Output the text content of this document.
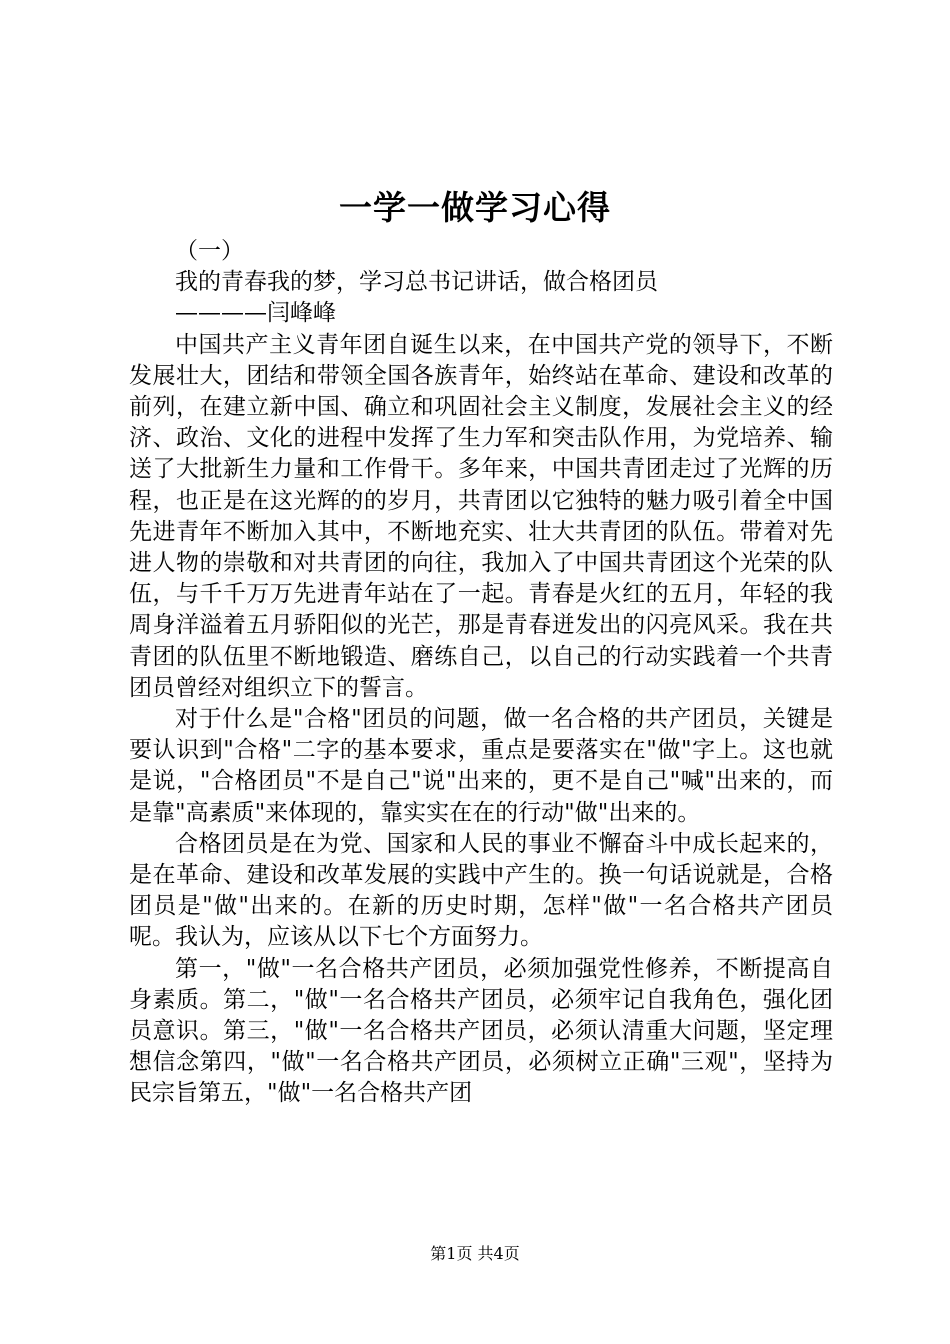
一学一做学习心得

（一）

我的青春我的梦，学习总书记讲话，做合格团员

————闫峰峰

中国共产主义青年团自诞生以来，在中国共产党的领导下，不断发展壮大，团结和带领全国各族青年，始终站在革命、建设和改革的前列，在建立新中国、确立和巩固社会主义制度，发展社会主义的经济、政治、文化的进程中发挥了生力军和突击队作用，为党培养、输送了大批新生力量和工作骨干。多年来，中国共青团走过了光辉的历程，也正是在这光辉的的岁月，共青团以它独特的魅力吸引着全中国先进青年不断加入其中，不断地充实、壮大共青团的队伍。带着对先进人物的崇敬和对共青团的向往，我加入了中国共青团这个光荣的队伍，与千千万万先进青年站在了一起。青春是火红的五月，年轻的我周身洋溢着五月骄阳似的光芒，那是青春迸发出的闪亮风采。我在共青团的队伍里不断地锻造、磨练自己，以自己的行动实践着一个共青团员曾经对组织立下的誓言。

对于什么是"合格"团员的问题，做一名合格的共产团员，关键是要认识到"合格"二字的基本要求，重点是要落实在"做"字上。这也就是说，"合格团员"不是自己"说"出来的，更不是自己"喊"出来的，而是靠"高素质"来体现的，靠实实在在的行动"做"出来的。

合格团员是在为党、国家和人民的事业不懈奋斗中成长起来的，是在革命、建设和改革发展的实践中产生的。换一句话说就是，合格团员是"做"出来的。在新的历史时期，怎样"做"一名合格共产团员呢。我认为，应该从以下七个方面努力。

第一，"做"一名合格共产团员，必须加强党性修养，不断提高自身素质。第二，"做"一名合格共产团员，必须牢记自我角色，强化团员意识。第三，"做"一名合格共产团员，必须认清重大问题，坚定理想信念第四，"做"一名合格共产团员，必须树立正确"三观"，坚持为民宗旨第五，"做"一名合格共产团

第1页 共4页
